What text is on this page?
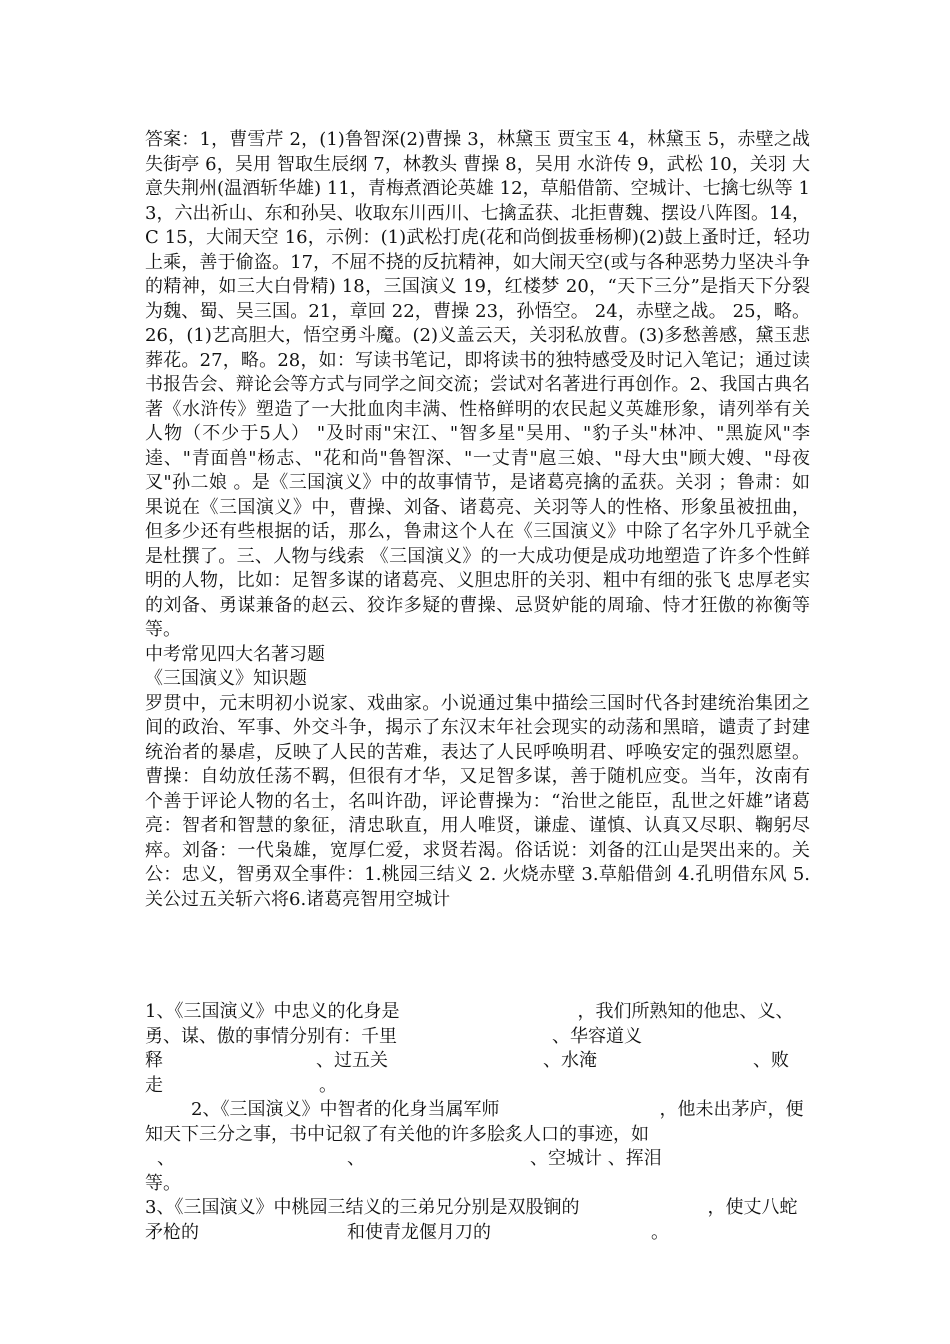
答案：1，曹雪芹 2，(1)鲁智深(2)曹操 3，林黛玉 贾宝玉 4，林黛玉 5，赤壁之战 失街亭 6，吴用 智取生辰纲 7，林教头 曹操 8，吴用 水浒传 9，武松 10，关羽 大意失荆州(温酒斩华雄) 11，青梅煮酒论英雄 12，草船借箭、空城计、七擒七纵等 13，六出祈山、东和孙吴、收取东川西川、七擒孟获、北拒曹魏、摆设八阵图。14，C 15，大闹天空 16，示例：(1)武松打虎(花和尚倒拔垂杨柳)(2)鼓上蚤时迁，轻功上乘，善于偷盗。17，不屈不挠的反抗精神，如大闹天空(或与各种恶势力坚决斗争的精神，如三大白骨精) 18，三国演义 19，红楼梦 20，“天下三分”是指天下分裂为魏、蜀、吴三国。21，章回 22，曹操 23，孙悟空。 24，赤壁之战。 25，略。26，(1)艺高胆大，悟空勇斗魔。(2)义盖云天，关羽私放曹。(3)多愁善感，黛玉悲葬花。27，略。28，如：写读书笔记，即将读书的独特感受及时记入笔记；通过读书报告会、辩论会等方式与同学之间交流；尝试对名著进行再创作。2、我国古典名著《水浒传》塑造了一大批血肉丰满、性格鲜明的农民起义英雄形象，请列举有关人物（不少于5人） "及时雨"宋江、"智多星"吴用、"豹子头"林冲、"黑旋风"李逵、"青面兽"杨志、"花和尚"鲁智深、"一丈青"扈三娘、"母大虫"顾大嫂、"母夜叉"孙二娘 。是《三国演义》中的故事情节，是诸葛亮擒的孟获。关羽 ；鲁肃：如果说在《三国演义》中，曹操、刘备、诸葛亮、关羽等人的性格、形象虽被扭曲，但多少还有些根据的话，那么，鲁肃这个人在《三国演义》中除了名字外几乎就全是杜撰了。三、人物与线索 《三国演义》的一大成功便是成功地塑造了许多个性鲜明的人物，比如：足智多谋的诸葛亮、义胆忠肝的关羽、粗中有细的张飞 忠厚老实的刘备、勇谋兼备的赵云、狡诈多疑的曹操、忌贤妒能的周瑜、恃才狂傲的祢衡等等。

中考常见四大名著习题

《三国演义》知识题

罗贯中，元末明初小说家、戏曲家。小说通过集中描绘三国时代各封建统治集团之间的政治、军事、外交斗争，揭示了东汉末年社会现实的动荡和黑暗，谴责了封建统治者的暴虐，反映了人民的苦难，表达了人民呼唤明君、呼唤安定的强烈愿望。曹操：自幼放任荡不羁，但很有才华，又足智多谋，善于随机应变。当年，汝南有个善于评论人物的名士，名叫许劭，评论曹操为：“治世之能臣，乱世之奸雄”诸葛亮：智者和智慧的象征，清忠耿直，用人唯贤，谦虚、谨慎、认真又尽职、鞠躬尽瘁。刘备：一代枭雄，宽厚仁爱，求贤若渴。俗话说：刘备的江山是哭出来的。关公：忠义，智勇双全事件：1.桃园三结义 2. 火烧赤壁 3.草船借剑 4.孔明借东风 5.关公过五关斩六将6.诸葛亮智用空城计

1、《三国演义》中忠义的化身是	，我们所熟知的他忠、义、
勇、谋、傲的事情分别有：千里	、华容道义
释	、过五关	、水淹	、败
走	。
2、《三国演义》中智者的化身当属军师	，他未出茅庐，便
知天下三分之事，书中记叙了有关他的许多脍炙人口的事迹，如
、	、	、空城计 、挥泪
等。
3、《三国演义》中桃园三结义的三弟兄分别是双股锏的	，使丈八蛇
矛枪的	和使青龙偃月刀的	。
